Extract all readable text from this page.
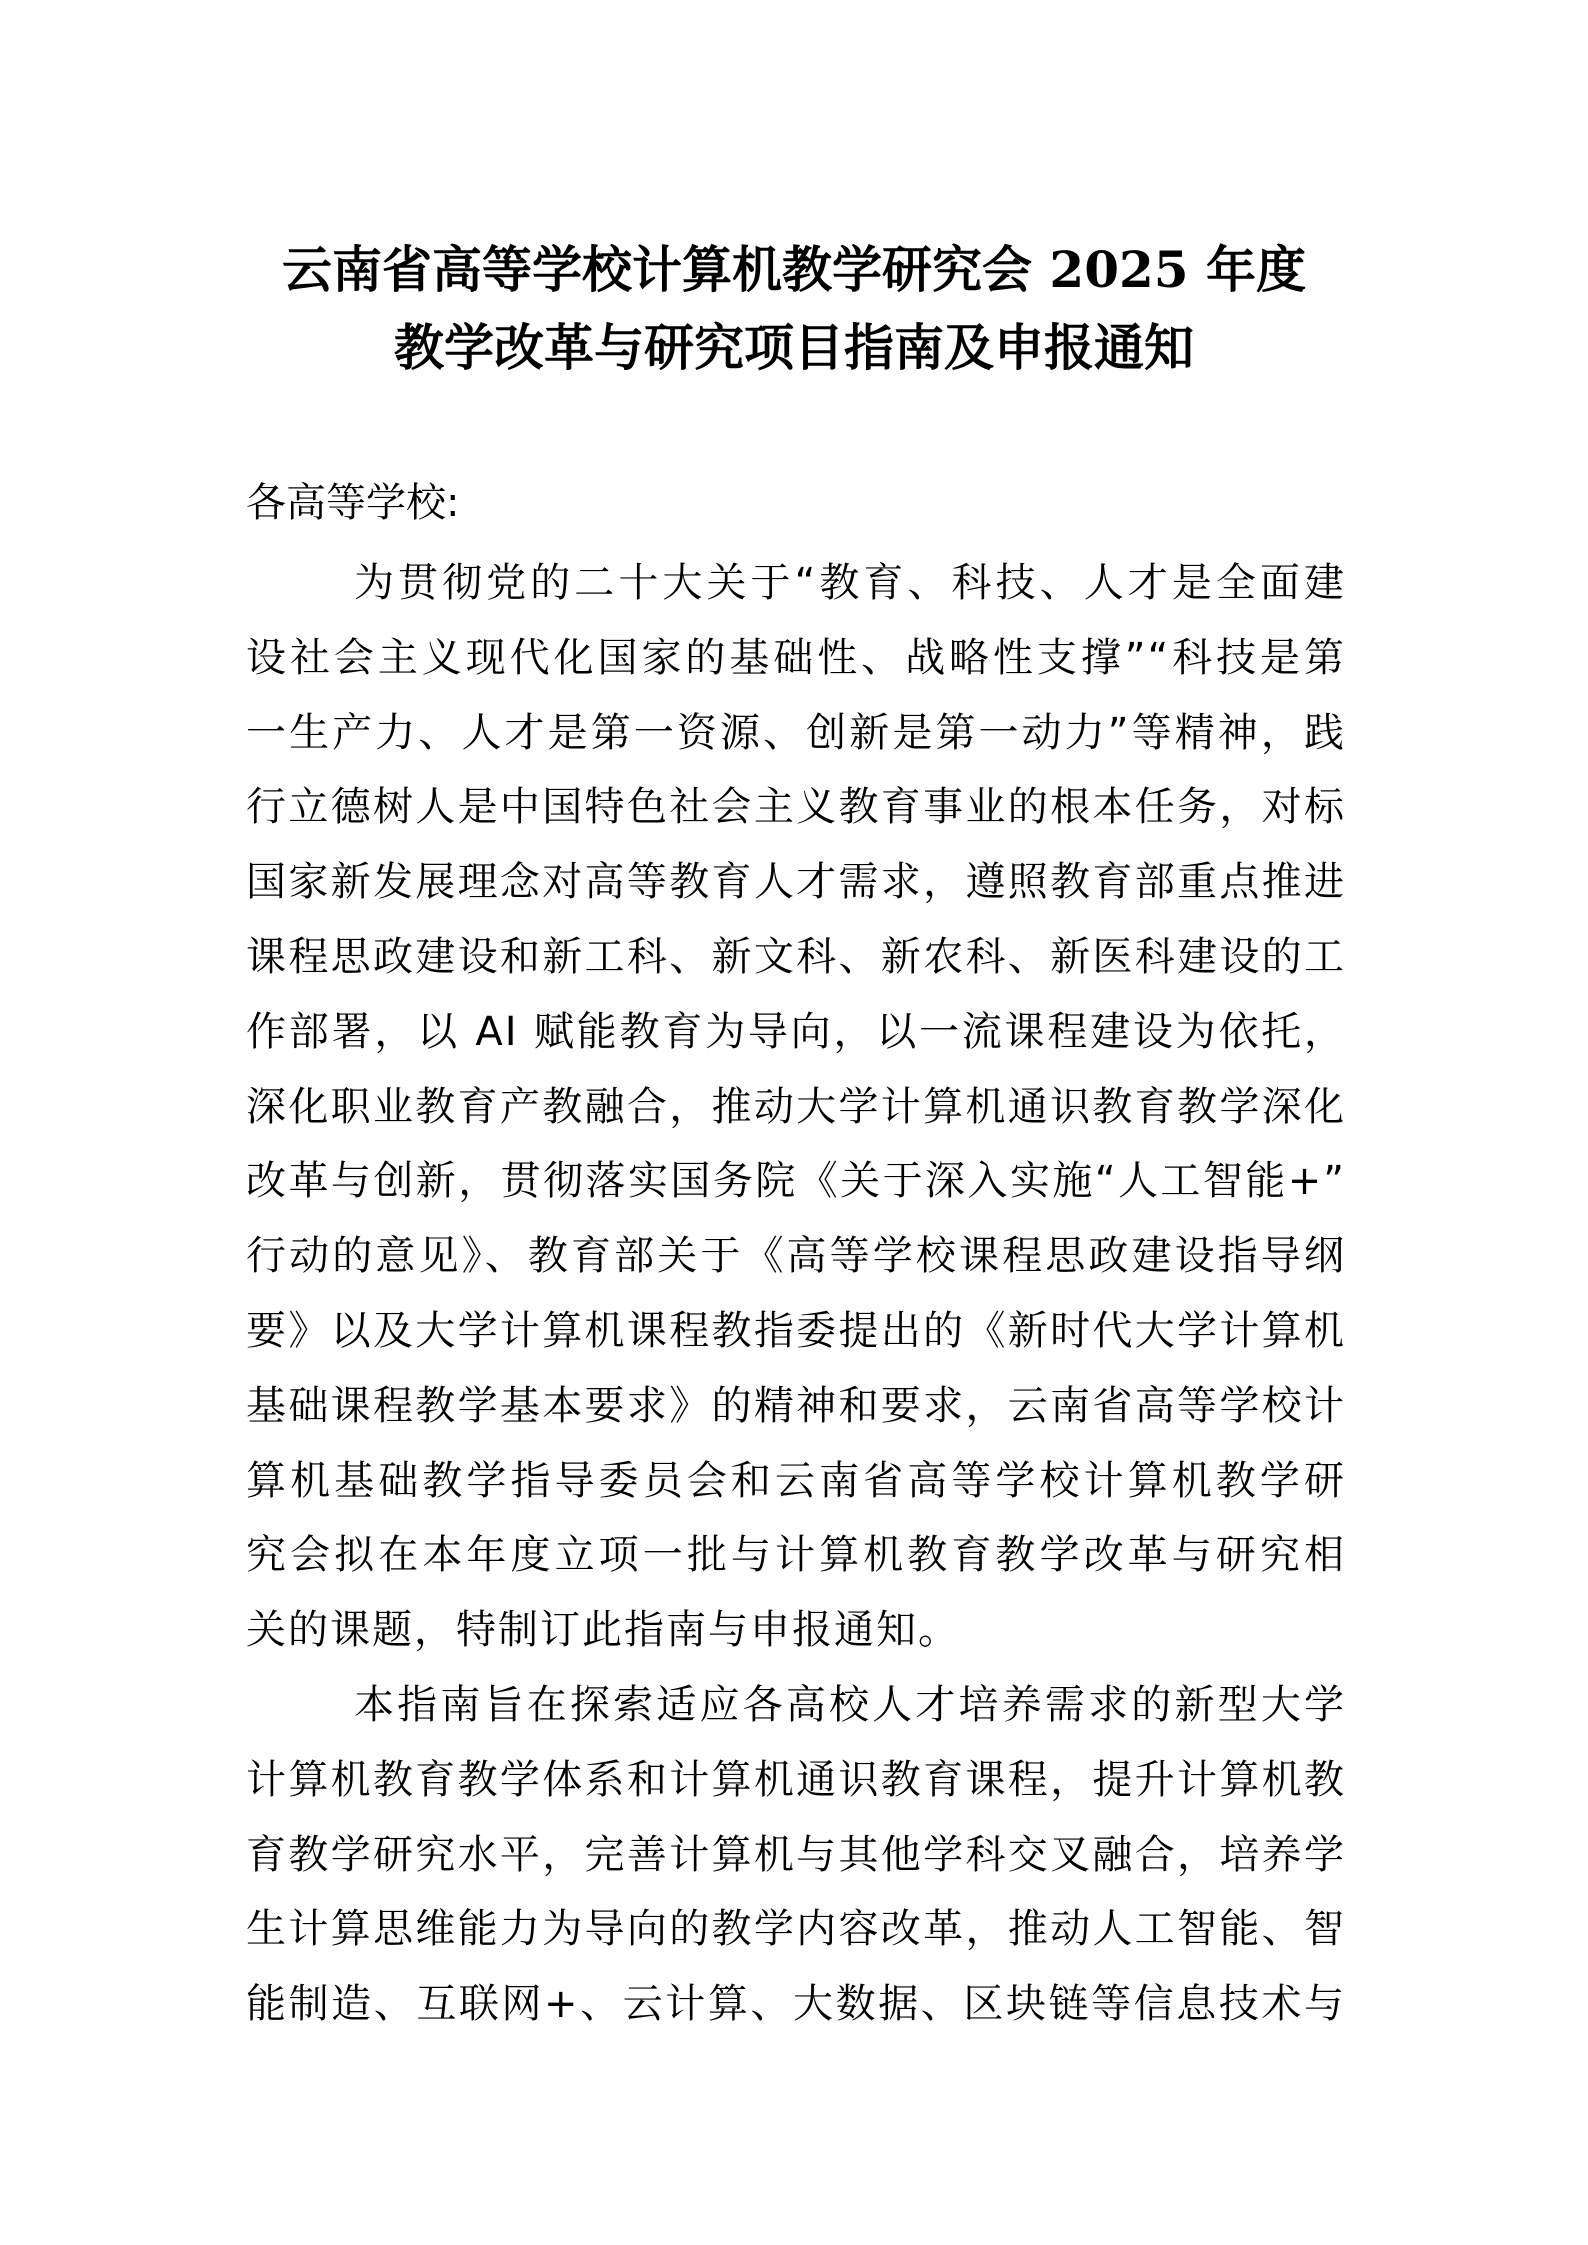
云南省高等学校计算机教学研究会 2025 年度
教学改革与研究项目指南及申报通知

各高等学校:

为贯彻党的二十大关于“教育、科技、人才是全面建
设社会主义现代化国家的基础性、战略性支撑”“科技是第
一生产力、人才是第一资源、创新是第一动力”等精神，践
行立德树人是中国特色社会主义教育事业的根本任务，对标
国家新发展理念对高等教育人才需求，遵照教育部重点推进
课程思政建设和新工科、新文科、新农科、新医科建设的工
作部署，以 AI 赋能教育为导向，以一流课程建设为依托，
深化职业教育产教融合，推动大学计算机通识教育教学深化
改革与创新，贯彻落实国务院《关于深入实施“人工智能+”
行动的意见》、教育部关于《高等学校课程思政建设指导纲
要》以及大学计算机课程教指委提出的《新时代大学计算机
基础课程教学基本要求》的精神和要求，云南省高等学校计
算机基础教学指导委员会和云南省高等学校计算机教学研
究会拟在本年度立项一批与计算机教育教学改革与研究相
关的课题，特制订此指南与申报通知。
本指南旨在探索适应各高校人才培养需求的新型大学
计算机教育教学体系和计算机通识教育课程，提升计算机教
育教学研究水平，完善计算机与其他学科交叉融合，培养学
生计算思维能力为导向的教学内容改革，推动人工智能、智
能制造、互联网+、云计算、大数据、区块链等信息技术与
